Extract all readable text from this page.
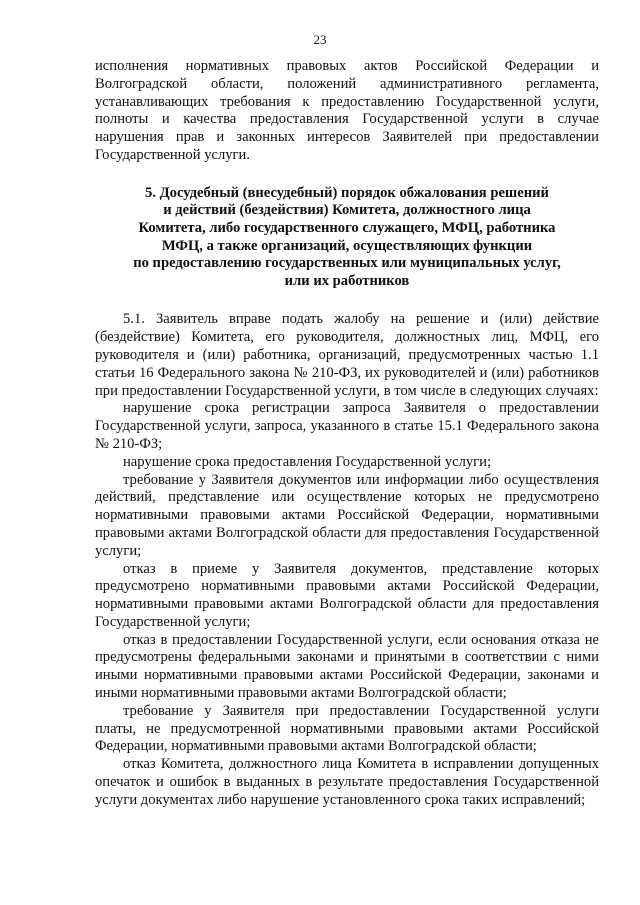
23

исполнения нормативных правовых актов Российской Федерации и Волгоградской области, положений административного регламента, устанавливающих требования к предоставлению Государственной услуги, полноты и качества предоставления Государственной услуги в случае нарушения прав и законных интересов Заявителей при предоставлении Государственной услуги.

5. Досудебный (внесудебный) порядок обжалования решений
и действий (бездействия) Комитета, должностного лица
Комитета, либо государственного служащего, МФЦ, работника
МФЦ, а также организаций, осуществляющих функции
по предоставлению государственных или муниципальных услуг,
или их работников

5.1. Заявитель вправе подать жалобу на решение и (или) действие (бездействие) Комитета, его руководителя, должностных лиц, МФЦ, его руководителя и (или) работника, организаций, предусмотренных частью 1.1 статьи 16 Федерального закона № 210-ФЗ, их руководителей и (или) работников при предоставлении Государственной услуги, в том числе в следующих случаях:

нарушение срока регистрации запроса Заявителя о предоставлении Государственной услуги, запроса, указанного в статье 15.1 Федерального закона № 210-ФЗ;

нарушение срока предоставления Государственной услуги;

требование у Заявителя документов или информации либо осуществления действий, представление или осуществление которых не предусмотрено нормативными правовыми актами Российской Федерации, нормативными правовыми актами Волгоградской области для предоставления Государственной услуги;

отказ в приеме у Заявителя документов, представление которых предусмотрено нормативными правовыми актами Российской Федерации, нормативными правовыми актами Волгоградской области для предоставления Государственной услуги;

отказ в предоставлении Государственной услуги, если основания отказа не предусмотрены федеральными законами и принятыми в соответствии с ними иными нормативными правовыми актами Российской Федерации, законами и иными нормативными правовыми актами Волгоградской области;

требование у Заявителя при предоставлении Государственной услуги платы, не предусмотренной нормативными правовыми актами Российской Федерации, нормативными правовыми актами Волгоградской области;

отказ Комитета, должностного лица Комитета в исправлении допущенных опечаток и ошибок в выданных в результате предоставления Государственной услуги документах либо нарушение установленного срока таких исправлений;
